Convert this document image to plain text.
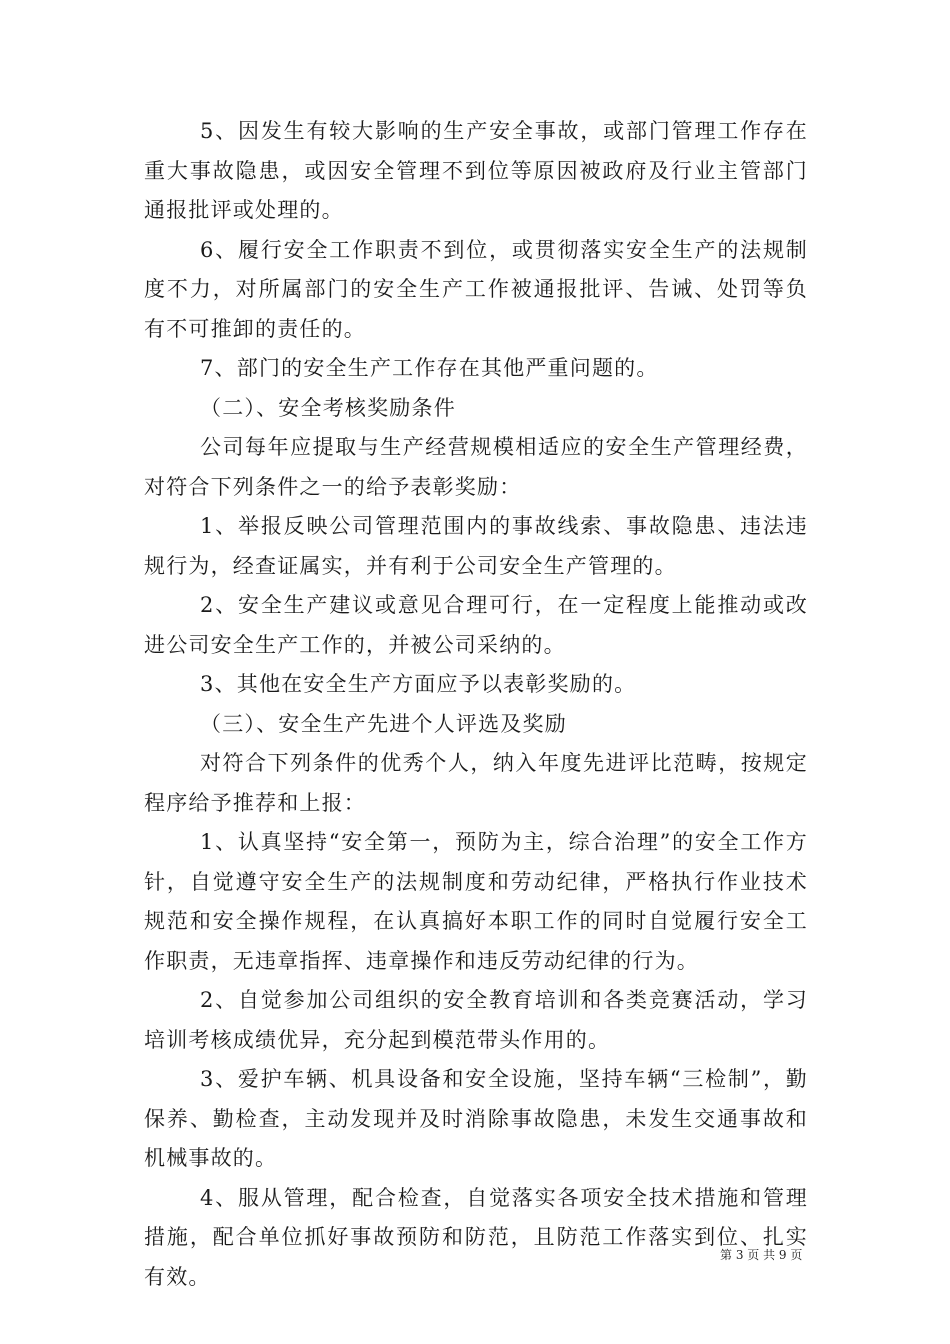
5、因发生有较大影响的生产安全事故，或部门管理工作存在重大事故隐患，或因安全管理不到位等原因被政府及行业主管部门通报批评或处理的。

6、履行安全工作职责不到位，或贯彻落实安全生产的法规制度不力，对所属部门的安全生产工作被通报批评、告诫、处罚等负有不可推卸的责任的。

7、部门的安全生产工作存在其他严重问题的。

（二）、安全考核奖励条件

公司每年应提取与生产经营规模相适应的安全生产管理经费，对符合下列条件之一的给予表彰奖励：

1、举报反映公司管理范围内的事故线索、事故隐患、违法违规行为，经查证属实，并有利于公司安全生产管理的。

2、安全生产建议或意见合理可行，在一定程度上能推动或改进公司安全生产工作的，并被公司采纳的。

3、其他在安全生产方面应予以表彰奖励的。

（三）、安全生产先进个人评选及奖励

对符合下列条件的优秀个人，纳入年度先进评比范畴，按规定程序给予推荐和上报：

1、认真坚持“安全第一，预防为主，综合治理”的安全工作方针，自觉遵守安全生产的法规制度和劳动纪律，严格执行作业技术规范和安全操作规程，在认真搞好本职工作的同时自觉履行安全工作职责，无违章指挥、违章操作和违反劳动纪律的行为。

2、自觉参加公司组织的安全教育培训和各类竞赛活动，学习培训考核成绩优异，充分起到模范带头作用的。

3、爱护车辆、机具设备和安全设施，坚持车辆“三检制”，勤保养、勤检查，主动发现并及时消除事故隐患，未发生交通事故和机械事故的。

4、服从管理，配合检查，自觉落实各项安全技术措施和管理措施，配合单位抓好事故预防和防范，且防范工作落实到位、扎实有效。

第 3 页 共 9 页
